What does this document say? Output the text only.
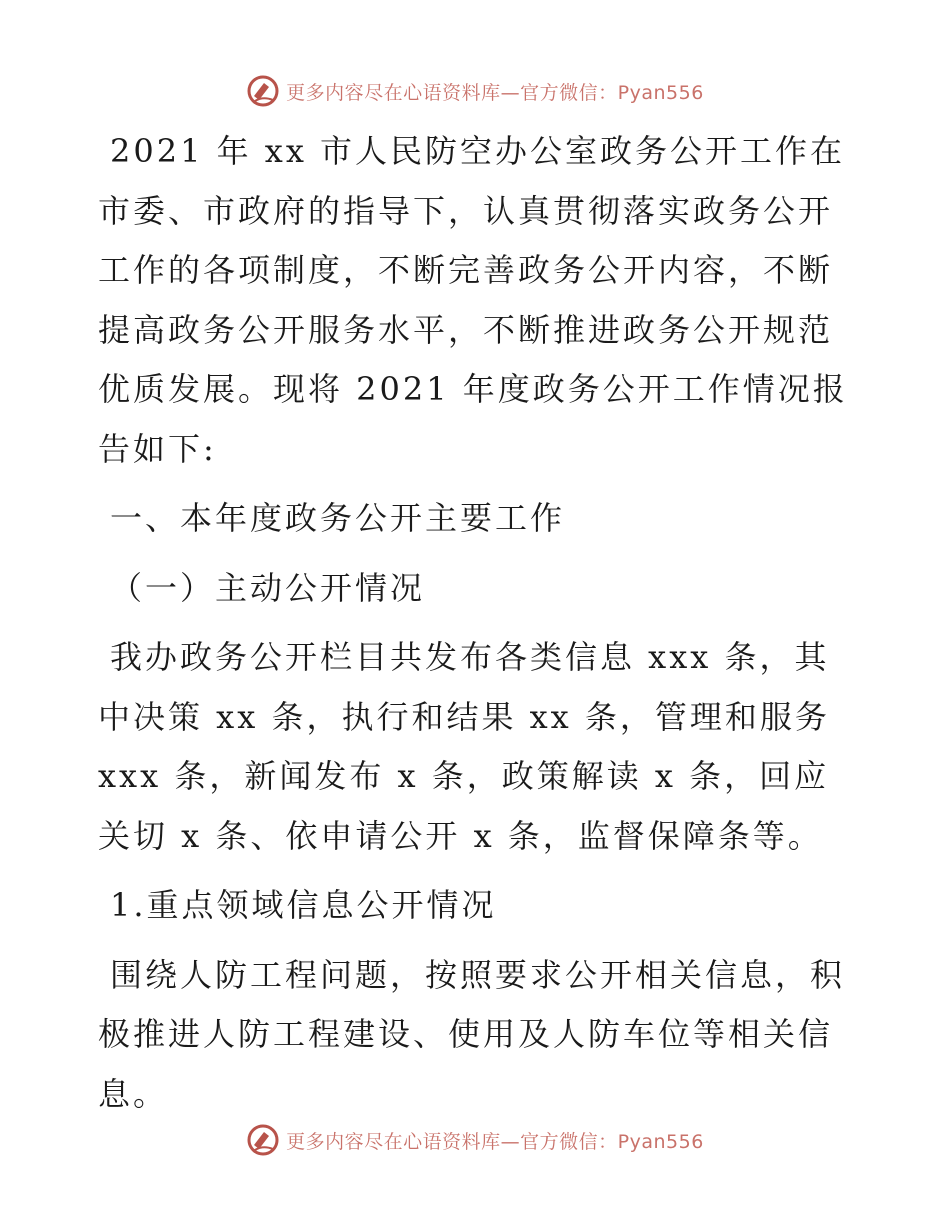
更多内容尽在心语资料库—官方微信：Pyan556

2021 年 xx 市人民防空办公室政务公开工作在市委、市政府的指导下，认真贯彻落实政务公开工作的各项制度，不断完善政务公开内容，不断提高政务公开服务水平，不断推进政务公开规范优质发展。现将 2021 年度政务公开工作情况报告如下:

一、本年度政务公开主要工作

（一）主动公开情况

我办政务公开栏目共发布各类信息 xxx 条，其中决策 xx 条，执行和结果 xx 条，管理和服务 xxx 条，新闻发布 x 条，政策解读 x 条，回应关切 x 条、依申请公开 x 条，监督保障条等。

1.重点领域信息公开情况

围绕人防工程问题，按照要求公开相关信息，积极推进人防工程建设、使用及人防车位等相关信息。

更多内容尽在心语资料库—官方微信：Pyan556
